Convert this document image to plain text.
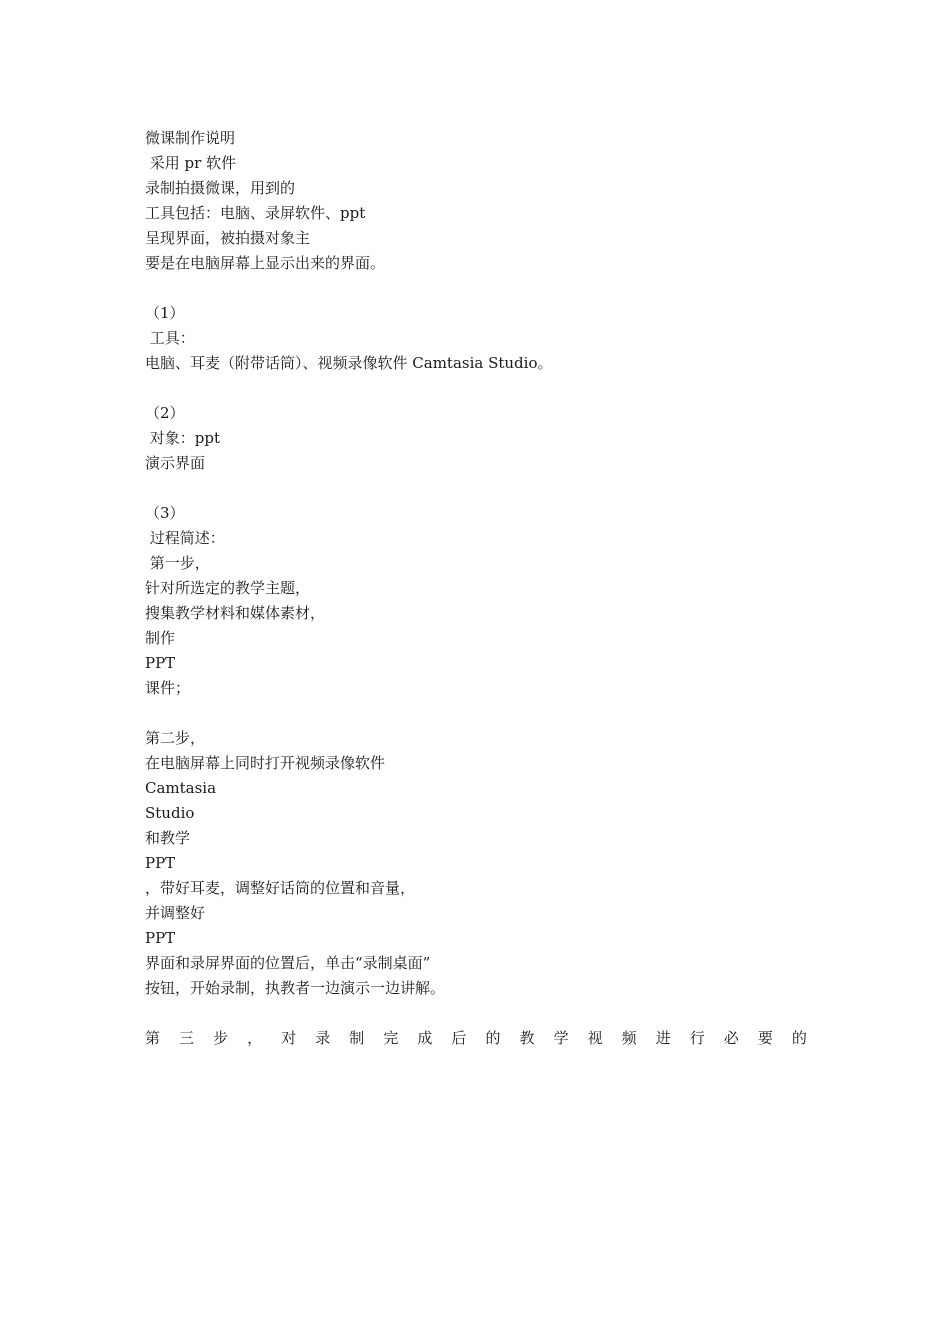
微课制作说明
采用 pr 软件
录制拍摄微课，用到的
工具包括：电脑、录屏软件、ppt
呈现界面，被拍摄对象主
要是在电脑屏幕上显示出来的界面。
（1）
工具：
电脑、耳麦（附带话筒）、视频录像软件 Camtasia Studio。
（2）
对象：ppt
演示界面
（3）
过程简述：
第一步，
针对所选定的教学主题，
搜集教学材料和媒体素材，
制作
PPT
课件；
第二步，
在电脑屏幕上同时打开视频录像软件
Camtasia
Studio
和教学
PPT
，带好耳麦，调整好话筒的位置和音量，
并调整好
PPT
界面和录屏界面的位置后，单击“录制桌面”
按钮，开始录制，执教者一边演示一边讲解。
第 三 步 ， 对 录 制 完 成 后 的 教 学 视 频 进 行 必 要 的
